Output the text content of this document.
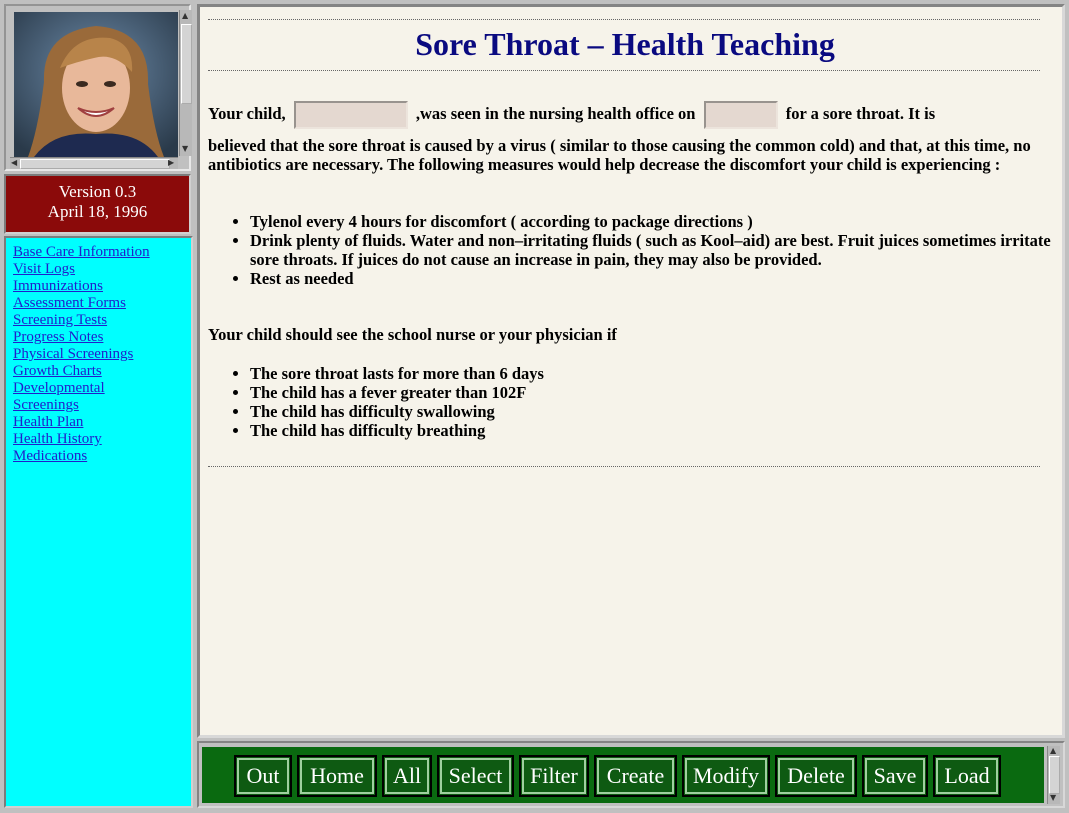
▲
▼
◀	▶
Version 0.3
April 18, 1996
Base Care Information
Visit Logs
Immunizations
Assessment Forms
Screening Tests
Progress Notes
Physical Screenings
Growth Charts
Developmental
Screenings
Health Plan
Health History
Medications
Sore Throat – Health Teaching
Your child,	,was seen in the nursing health office on	for a sore throat. It is

believed that the sore throat is caused by a virus ( similar to those causing the common cold) and that, at this time, no antibiotics are necessary. The following measures would help decrease the discomfort your child is experiencing :

• Tylenol every 4 hours for discomfort ( according to package directions )
• Drink plenty of fluids. Water and non–irritating fluids ( such as Kool–aid) are best. Fruit juices sometimes irritate sore throats. If juices do not cause an increase in pain, they may also be provided.
• Rest as needed

Your child should see the school nurse or your physician if

• The sore throat lasts for more than 6 days
• The child has a fever greater than 102F
• The child has difficulty swallowing
• The child has difficulty breathing
Out	Home	All	Select	Filter	Create	Modify	Delete	Save	Load
▲
▼
